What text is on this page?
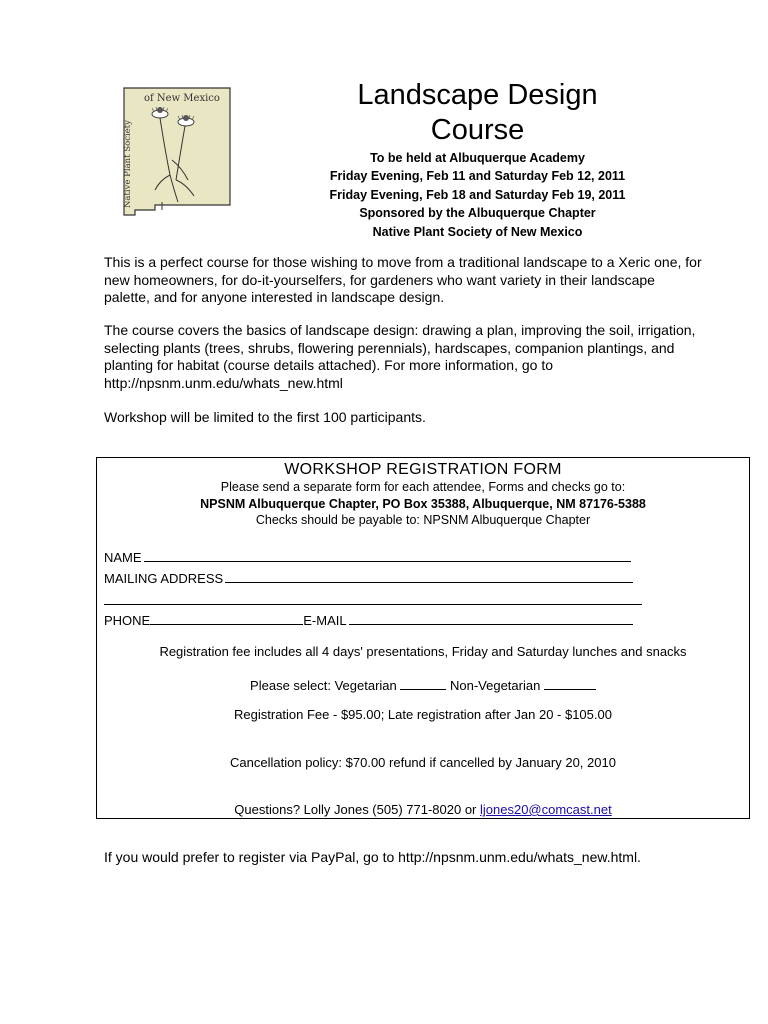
of New Mexico
Native Plant Society
Landscape Design
Course
To be held at Albuquerque Academy
Friday Evening, Feb 11 and Saturday Feb 12, 2011
Friday Evening, Feb 18 and Saturday Feb 19, 2011
Sponsored by the Albuquerque Chapter
Native Plant Society of New Mexico
This is a perfect course for those wishing to move from a traditional landscape to a Xeric one, for new homeowners, for do-it-yourselfers, for gardeners who want variety in their landscape palette, and for anyone interested in landscape design.
The course covers the basics of landscape design: drawing a plan, improving the soil, irrigation, selecting plants (trees, shrubs, flowering perennials), hardscapes, companion plantings, and planting for habitat (course details attached). For more information, go to http://npsnm.unm.edu/whats_new.html
Workshop will be limited to the first 100 participants.
WORKSHOP REGISTRATION FORM
Please send a separate form for each attendee, Forms and checks go to:
NPSNM Albuquerque Chapter, PO Box 35388, Albuquerque, NM 87176-5388
Checks should be payable to: NPSNM Albuquerque Chapter
NAME
MAILING ADDRESS
PHONE	E-MAIL
Registration fee includes all 4 days' presentations, Friday and Saturday lunches and snacks
Please select: Vegetarian	Non-Vegetarian
Registration Fee - $95.00; Late registration after Jan 20 - $105.00
Cancellation policy: $70.00 refund if cancelled by January 20, 2010
Questions? Lolly Jones (505) 771-8020 or ljones20@comcast.net
If you would prefer to register via PayPal, go to http://npsnm.unm.edu/whats_new.html.
